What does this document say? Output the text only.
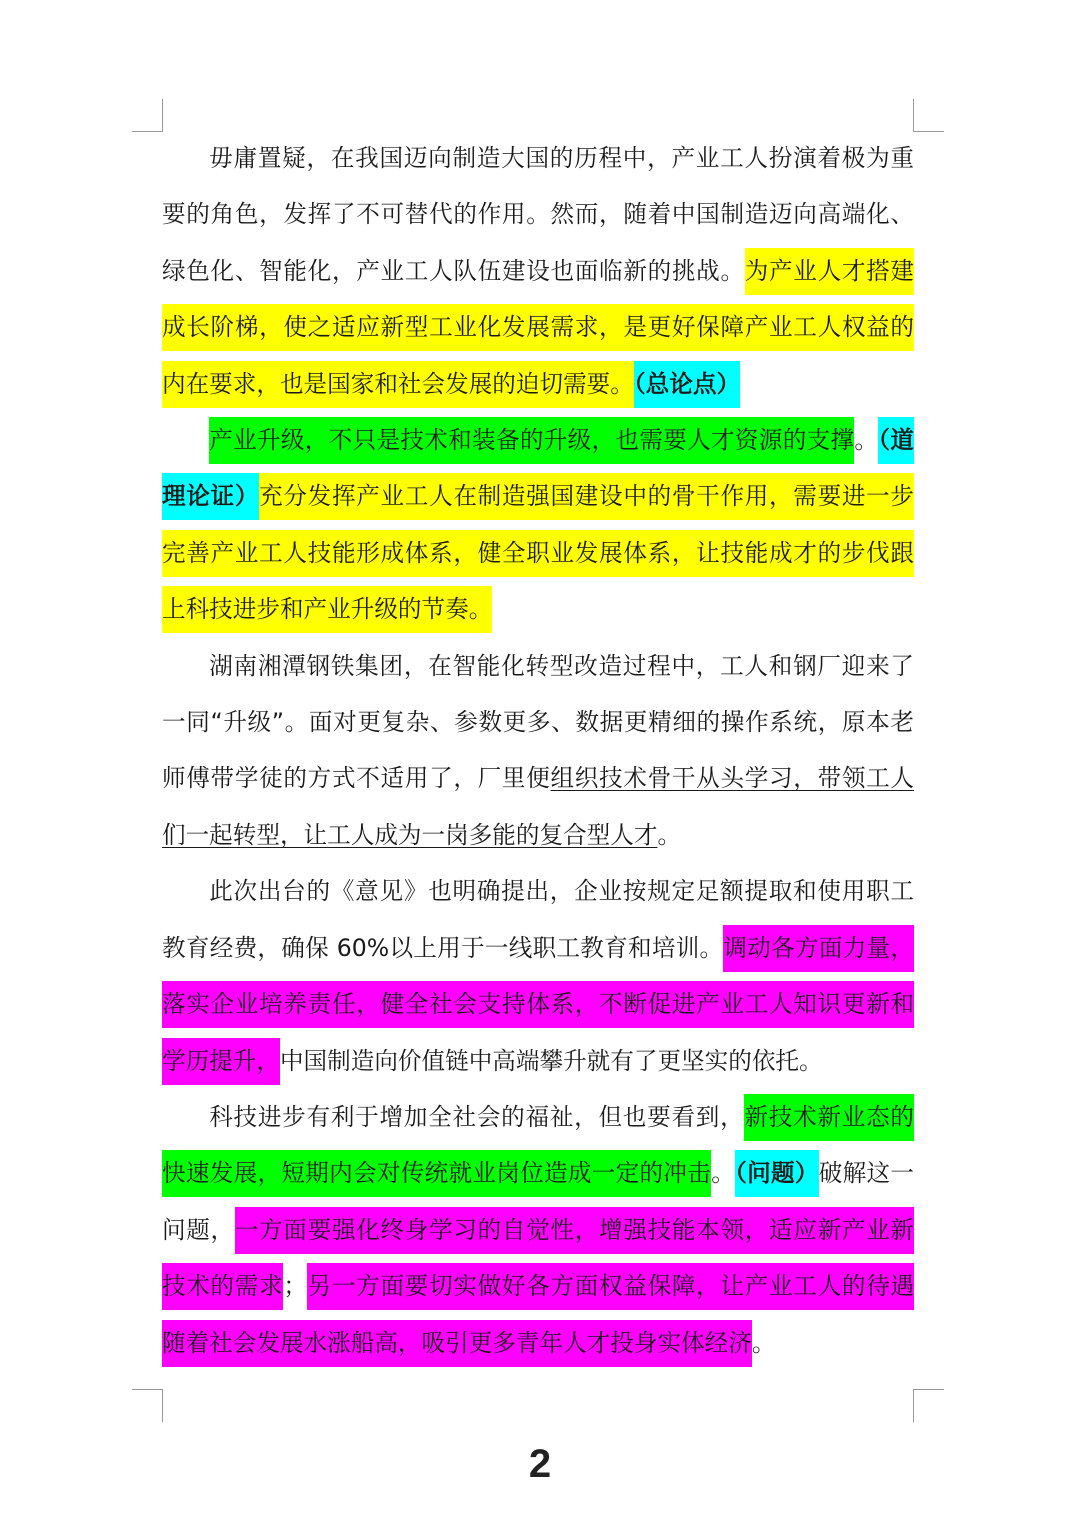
毋庸置疑，在我国迈向制造大国的历程中，产业工人扮演着极为重要的角色，发挥了不可替代的作用。然而，随着中国制造迈向高端化、绿色化、智能化，产业工人队伍建设也面临新的挑战。为产业人才搭建成长阶梯，使之适应新型工业化发展需求，是更好保障产业工人权益的内在要求，也是国家和社会发展的迫切需要。（总论点）

产业升级，不只是技术和装备的升级，也需要人才资源的支撑。（道理论证）充分发挥产业工人在制造强国建设中的骨干作用，需要进一步完善产业工人技能形成体系，健全职业发展体系，让技能成才的步伐跟上科技进步和产业升级的节奏。

湖南湘潭钢铁集团，在智能化转型改造过程中，工人和钢厂迎来了一同“升级”。面对更复杂、参数更多、数据更精细的操作系统，原本老师傅带学徒的方式不适用了，厂里便组织技术骨干从头学习，带领工人们一起转型，让工人成为一岗多能的复合型人才。

此次出台的《意见》也明确提出，企业按规定足额提取和使用职工教育经费，确保 60%以上用于一线职工教育和培训。调动各方面力量，落实企业培养责任，健全社会支持体系，不断促进产业工人知识更新和学历提升，中国制造向价值链中高端攀升就有了更坚实的依托。

科技进步有利于增加全社会的福祉，但也要看到，新技术新业态的快速发展，短期内会对传统就业岗位造成一定的冲击。（问题）破解这一问题，一方面要强化终身学习的自觉性，增强技能本领，适应新产业新技术的需求；另一方面要切实做好各方面权益保障，让产业工人的待遇随着社会发展水涨船高，吸引更多青年人才投身实体经济。

2
